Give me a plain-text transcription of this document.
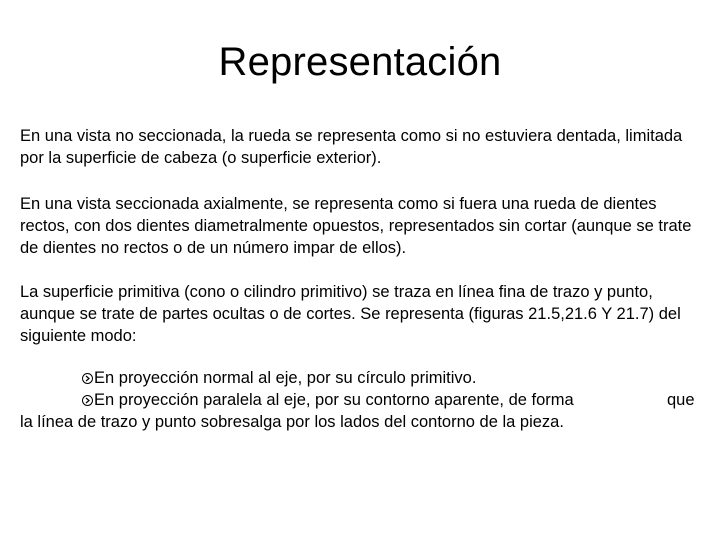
Representación

En una vista no seccionada, la rueda se representa como si no estuviera dentada, limitada por la superficie de cabeza (o superficie exterior).

En una vista seccionada axialmente, se representa como si fuera una rueda de dientes rectos, con dos dientes diametralmente opuestos, representados sin cortar (aunque se trate de dientes no rectos o de un número impar de ellos).

La superficie primitiva (cono o cilindro primitivo) se traza en línea fina de trazo y punto, aunque se trate de partes ocultas o de cortes. Se representa (figuras 21.5,21.6 Y 21.7) del siguiente modo:

En proyección normal al eje, por su círculo primitivo.
En proyección paralela al eje, por su contorno aparente, de forma	que
la línea de trazo y punto sobresalga por los lados del contorno de la pieza.
